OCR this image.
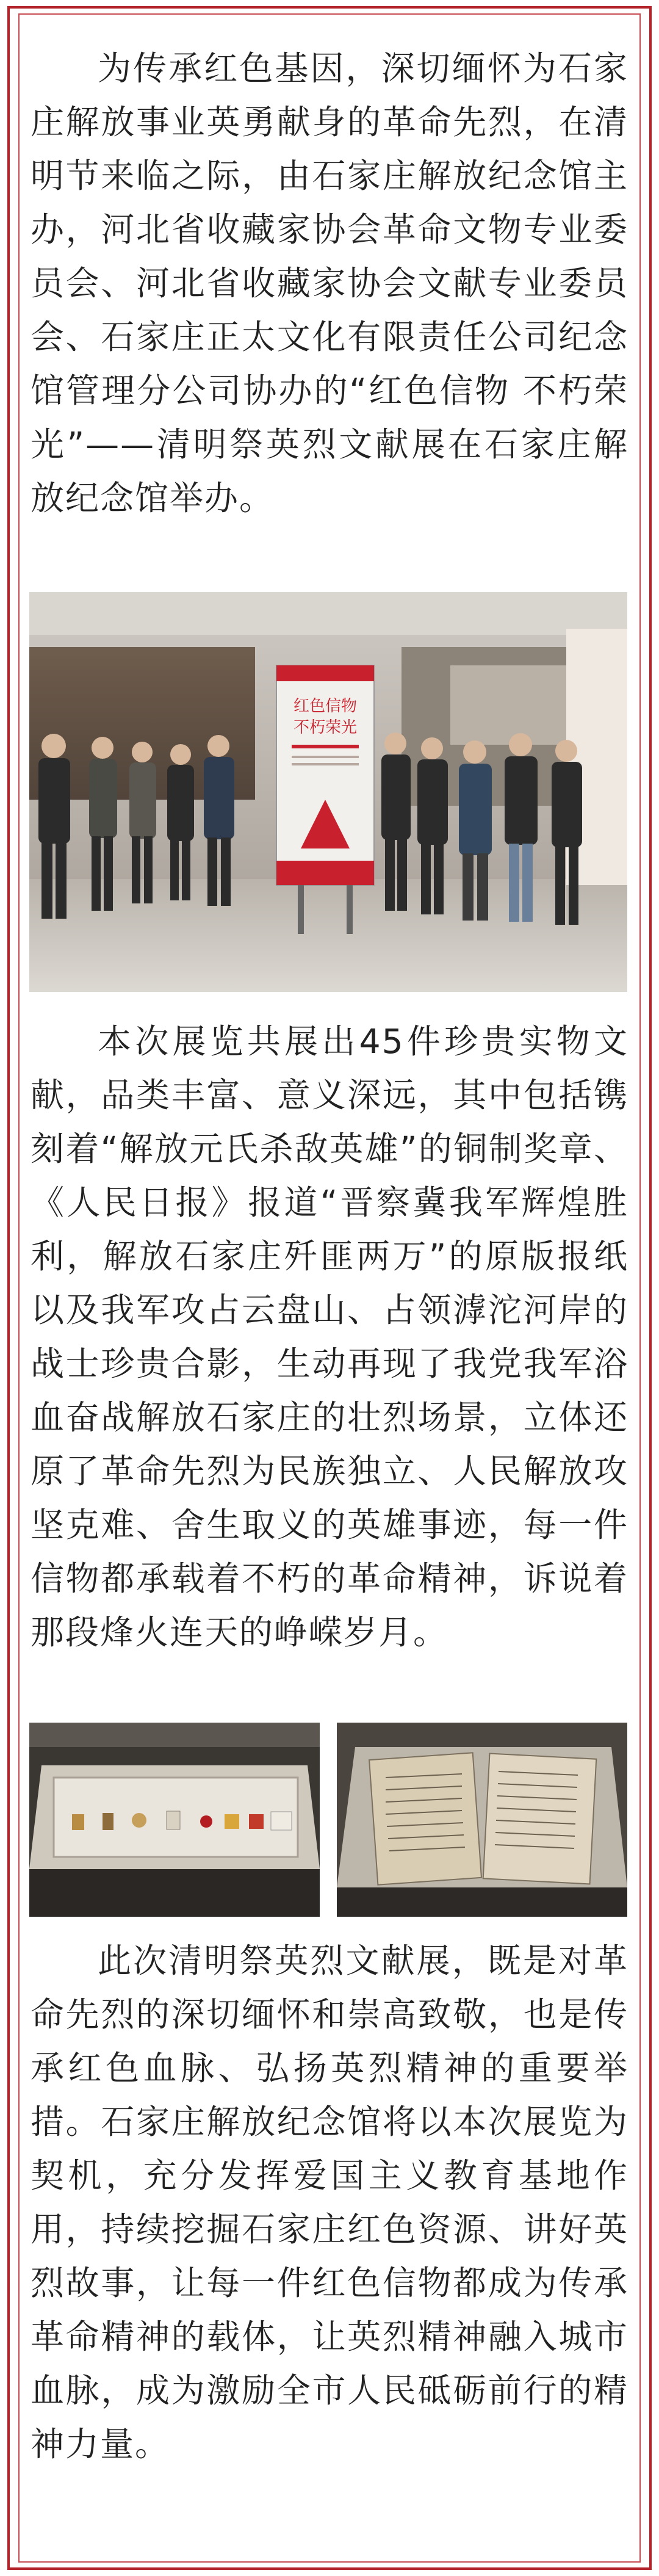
为传承红色基因，深切缅怀为石家庄解放事业英勇献身的革命先烈，在清明节来临之际，由石家庄解放纪念馆主办，河北省收藏家协会革命文物专业委员会、河北省收藏家协会文献专业委员会、石家庄正太文化有限责任公司纪念馆管理分公司协办的“红色信物 不朽荣光”——清明祭英烈文献展在石家庄解放纪念馆举办。

红色信物
不朽荣光

本次展览共展出45件珍贵实物文献，品类丰富、意义深远，其中包括镌刻着“解放元氏杀敌英雄”的铜制奖章、《人民日报》报道“晋察冀我军辉煌胜利，解放石家庄歼匪两万”的原版报纸以及我军攻占云盘山、占领滹沱河岸的战士珍贵合影，生动再现了我党我军浴血奋战解放石家庄的壮烈场景，立体还原了革命先烈为民族独立、人民解放攻坚克难、舍生取义的英雄事迹，每一件信物都承载着不朽的革命精神，诉说着那段烽火连天的峥嵘岁月。

此次清明祭英烈文献展，既是对革命先烈的深切缅怀和崇高致敬，也是传承红色血脉、弘扬英烈精神的重要举措。石家庄解放纪念馆将以本次展览为契机，充分发挥爱国主义教育基地作用，持续挖掘石家庄红色资源、讲好英烈故事，让每一件红色信物都成为传承革命精神的载体，让英烈精神融入城市血脉，成为激励全市人民砥砺前行的精神力量。
